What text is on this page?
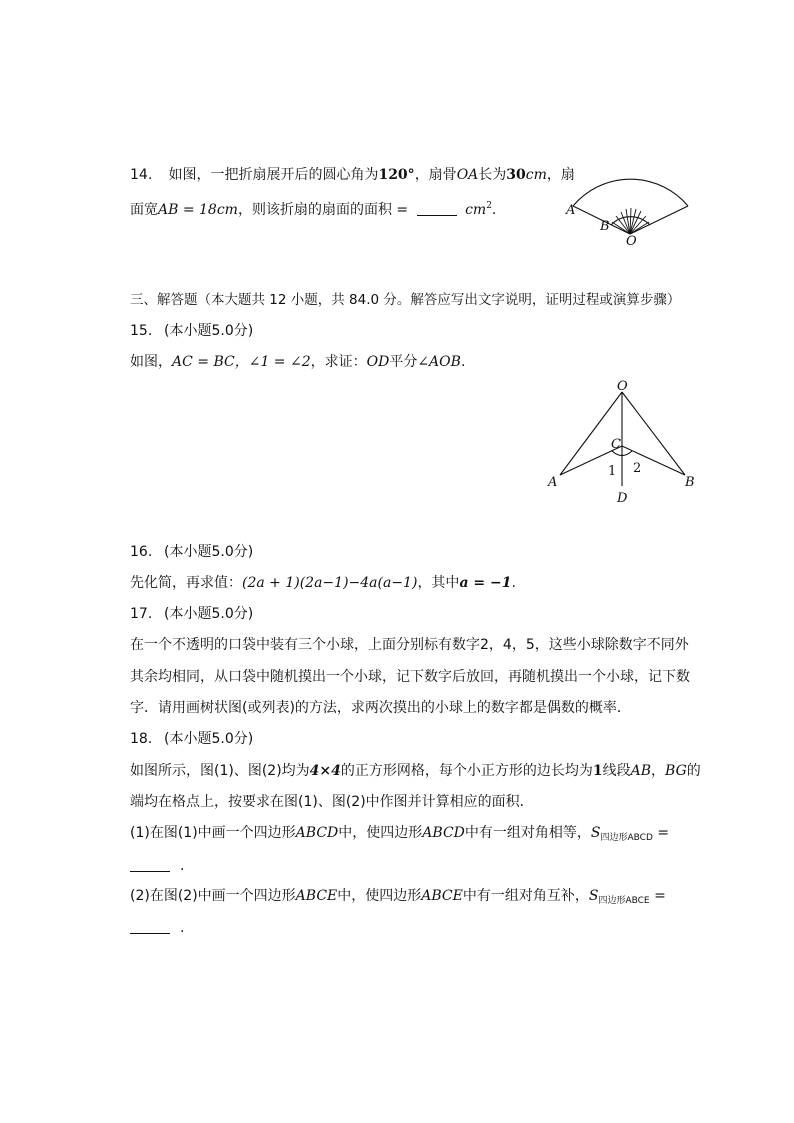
14. 如图，一把折扇展开后的圆心角为120°，扇骨OA长为30cm，扇
面宽AB = 18cm，则该折扇的扇面的面积 =	$cm^2$.	A
B
O
三、解答题（本大题共 12 小题，共 84.0 分。解答应写出文字说明，证明过程或演算步骤）
15. (本小题5.0分)
如图，AC = BC，∠1 = ∠2，求证：OD平分∠AOB.
O
C
A	B
D
1 2
16. (本小题5.0分)
先化简，再求值：(2a + 1)(2a−1)−4a(a−1)，其中a = −1.
17. (本小题5.0分)
在一个不透明的口袋中装有三个小球，上面分别标有数字2，4，5，这些小球除数字不同外
其余均相同，从口袋中随机摸出一个小球，记下数字后放回，再随机摸出一个小球，记下数
字．请用画树状图(或列表)的方法，求两次摸出的小球上的数字都是偶数的概率．
18. (本小题5.0分)
如图所示，图(1)、图(2)均为4×4的正方形网格，每个小正方形的边长均为1线段AB，BG的
端均在格点上，按要求在图(1)、图(2)中作图并计算相应的面积．
(1)在图(1)中画一个四边形ABCD中，使四边形ABCD中有一组对角相等，$S_{四边形ABCD}$ =
.
(2)在图(2)中画一个四边形ABCE中，使四边形ABCE中有一组对角互补，$S_{四边形ABCE}$ =
.
